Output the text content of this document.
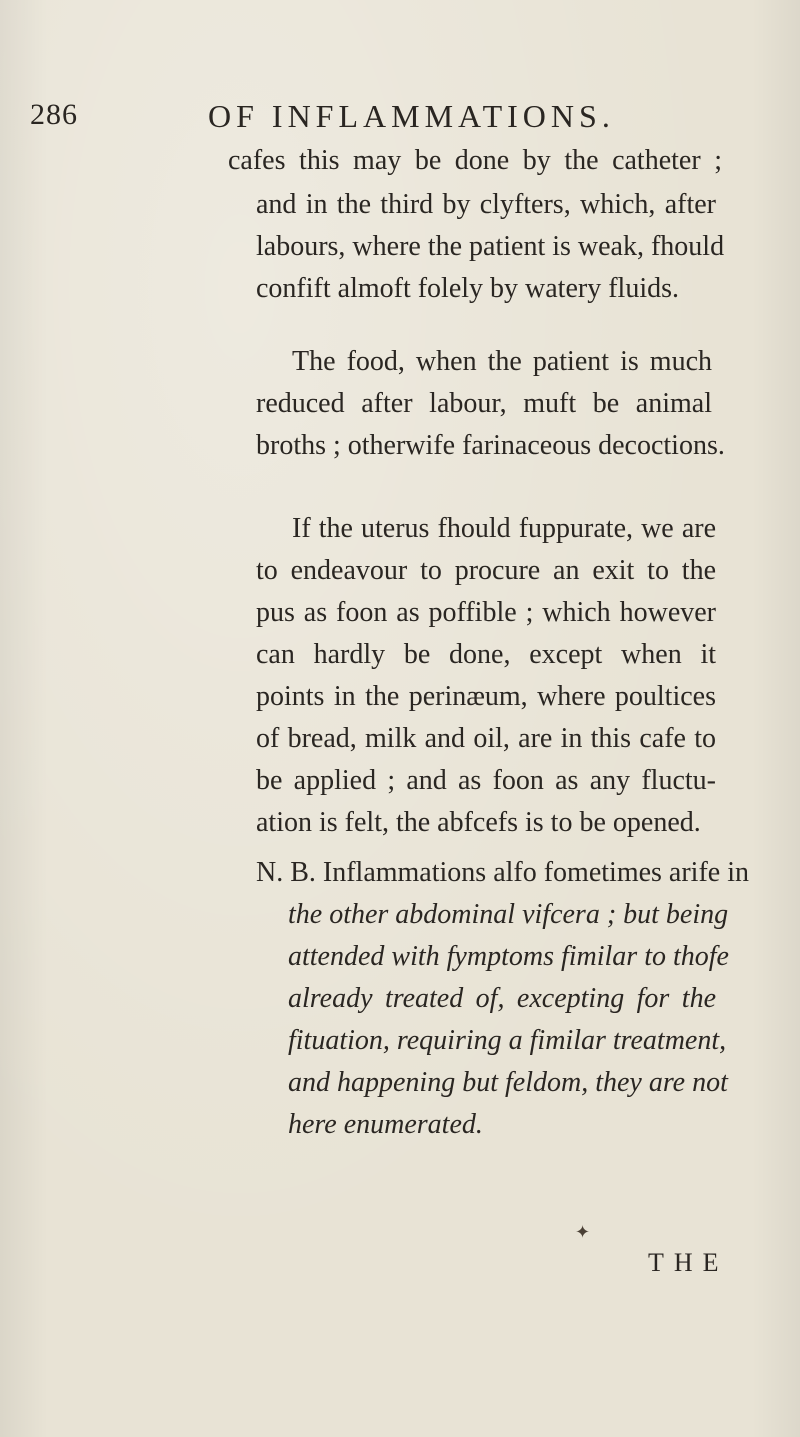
286	OF INFLAMMATIONS.
cafes this may be done by the catheter ;
and in the third by clyfters, which, after
labours, where the patient is weak, fhould
confift almoft folely by watery fluids.
The food, when the patient is much
reduced after labour, muft be animal
broths ; otherwife farinaceous decoctions.
If the uterus fhould fuppurate, we are
to endeavour to procure an exit to the
pus as foon as poffible ; which however
can hardly be done, except when it
points in the perinæum, where poultices
of bread, milk and oil, are in this cafe to
be applied ; and as foon as any fluctu-
ation is felt, the abfcefs is to be opened.
N. B. Inflammations alfo fometimes arife in
the other abdominal vifcera ; but being
attended with fymptoms fimilar to thofe
already treated of, excepting for the
fituation, requiring a fimilar treatment,
and happening but feldom, they are not
here enumerated.
✦
THE
